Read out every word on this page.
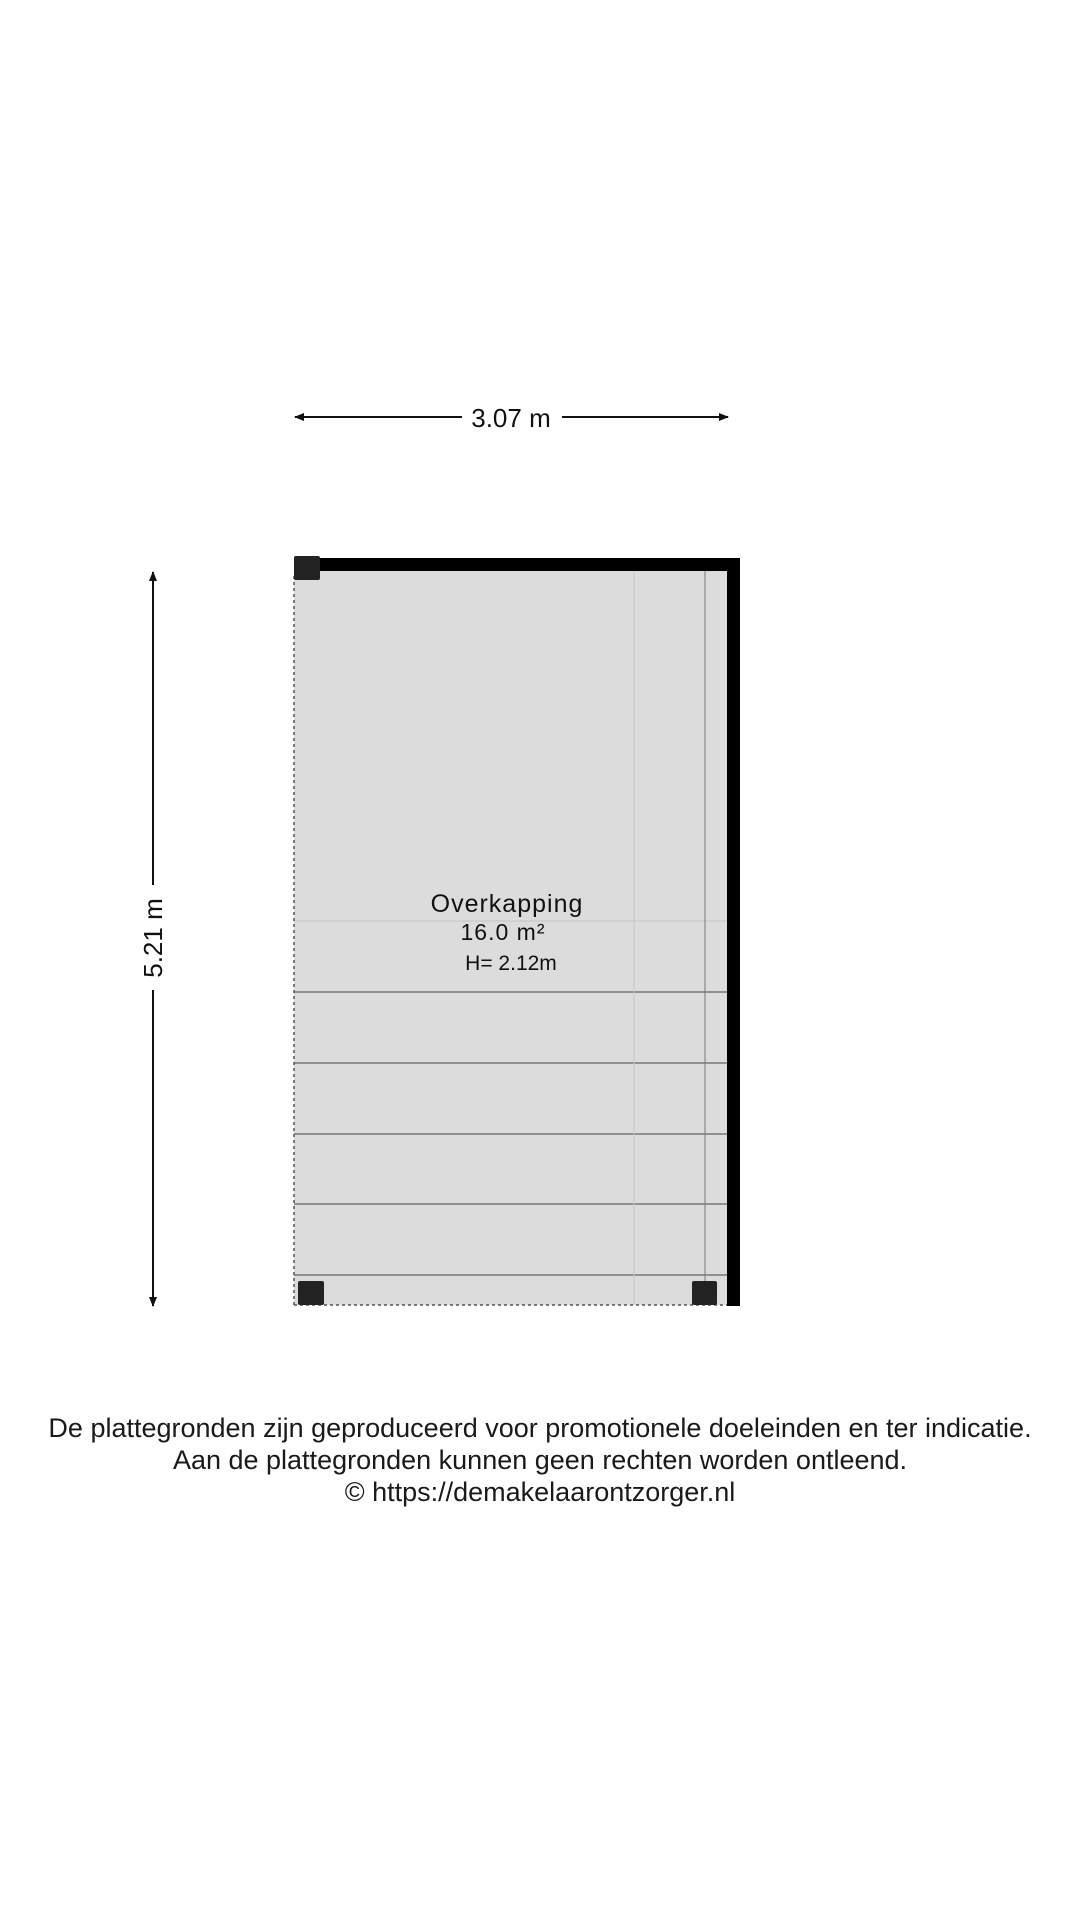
3.07 m
5.21 m	Overkapping
16.0 m²
H= 2.12m
De plattegronden zijn geproduceerd voor promotionele doeleinden en ter indicatie.
Aan de plattegronden kunnen geen rechten worden ontleend.
© https://demakelaarontzorger.nl
